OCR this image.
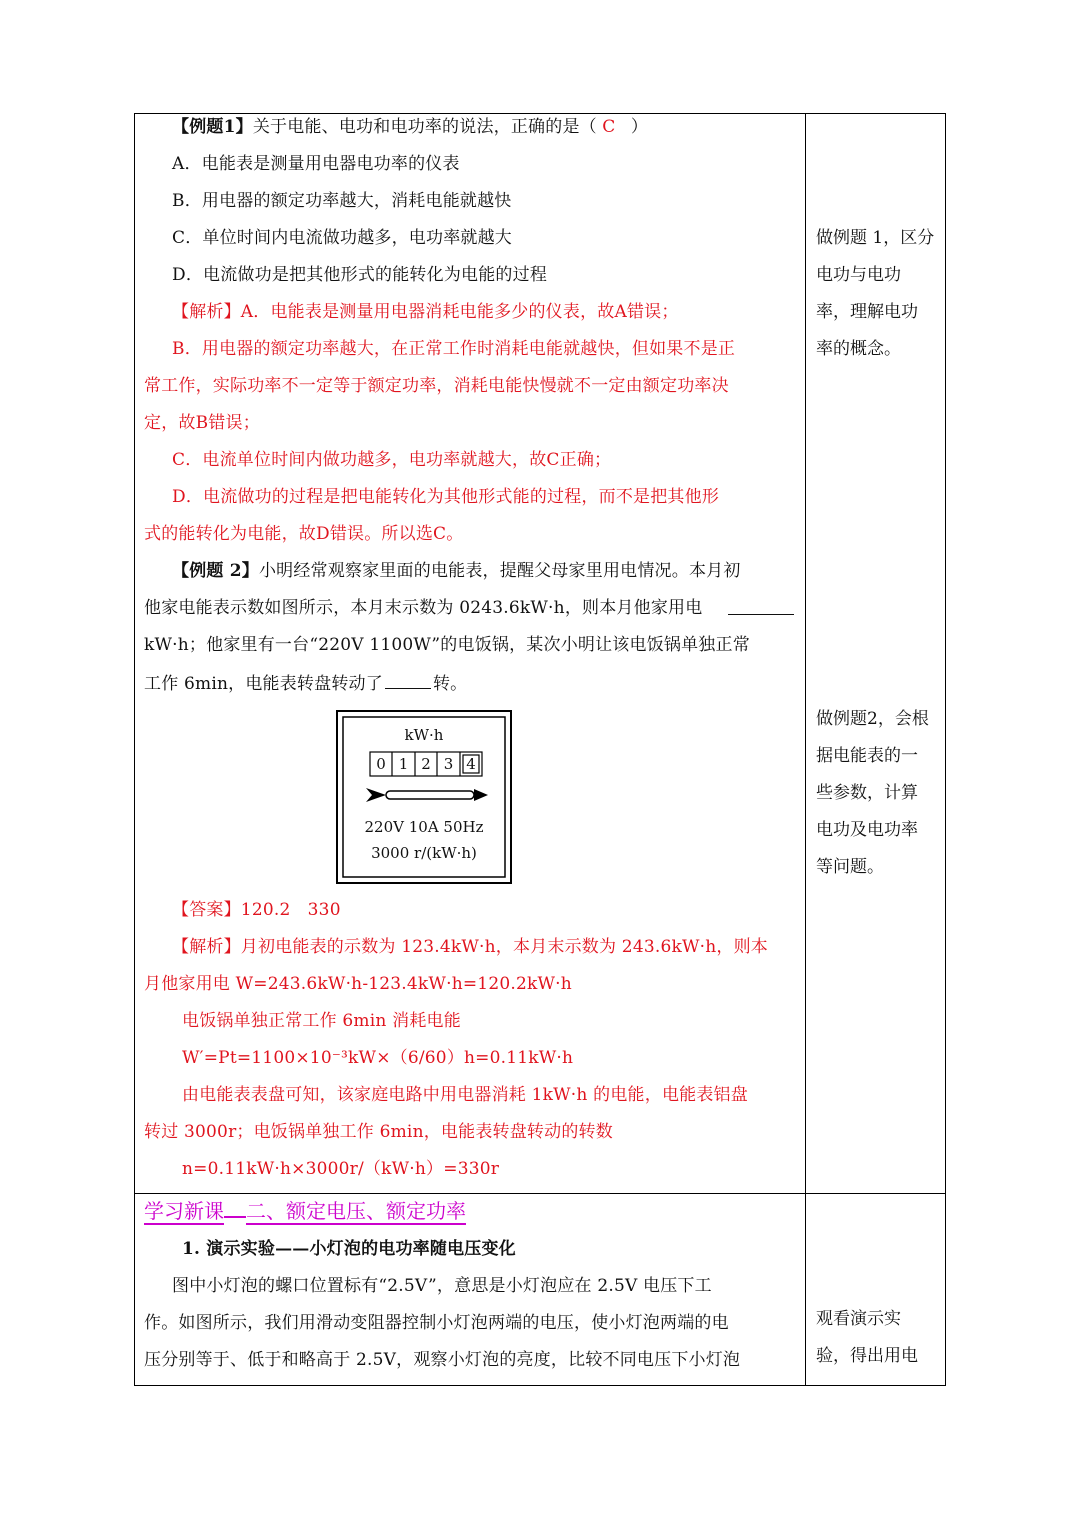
【例题1】关于电能、电功和电功率的说法，正确的是（ C ）
A．电能表是测量用电器电功率的仪表
B．用电器的额定功率越大，消耗电能就越快
C．单位时间内电流做功越多，电功率就越大
D．电流做功是把其他形式的能转化为电能的过程
【解析】A．电能表是测量用电器消耗电能多少的仪表，故A错误；
B．用电器的额定功率越大，在正常工作时消耗电能就越快，但如果不是正
常工作，实际功率不一定等于额定功率，消耗电能快慢就不一定由额定功率决
定，故B错误；
C．电流单位时间内做功越多，电功率就越大，故C正确；
D．电流做功的过程是把电能转化为其他形式能的过程，而不是把其他形
式的能转化为电能，故D错误。所以选C。
做例题 1，区分
电功与电功
率，理解电功
率的概念。
【例题 2】小明经常观察家里面的电能表，提醒父母家里用电情况。本月初
他家电能表示数如图所示，本月末示数为 0243.6kW·h，则本月他家用电
kW·h；他家里有一台“220V 1100W”的电饭锅，某次小明让该电饭锅单独正常
工作 6min，电能表转盘转动了	转。
kW·h
0 1 2 3 4
220V 10A 50Hz
3000 r/(kW·h)
【答案】120.2　330
【解析】月初电能表的示数为 123.4kW·h，本月末示数为 243.6kW·h，则本
月他家用电 W=243.6kW·h-123.4kW·h=120.2kW·h
电饭锅单独正常工作 6min 消耗电能
W′=Pt=1100×10⁻³kW×（6/60）h=0.11kW·h
由电能表表盘可知，该家庭电路中用电器消耗 1kW·h 的电能，电能表铝盘
转过 3000r；电饭锅单独工作 6min，电能表转盘转动的转数
n=0.11kW·h×3000r/（kW·h）=330r
做例题2，会根
据电能表的一
些参数，计算
电功及电功率
等问题。
学习新课 二、额定电压、额定功率
1. 演示实验——小灯泡的电功率随电压变化
图中小灯泡的螺口位置标有“2.5V”，意思是小灯泡应在 2.5V 电压下工
作。如图所示，我们用滑动变阻器控制小灯泡两端的电压，使小灯泡两端的电
压分别等于、低于和略高于 2.5V，观察小灯泡的亮度，比较不同电压下小灯泡
观看演示实
验，得出用电
